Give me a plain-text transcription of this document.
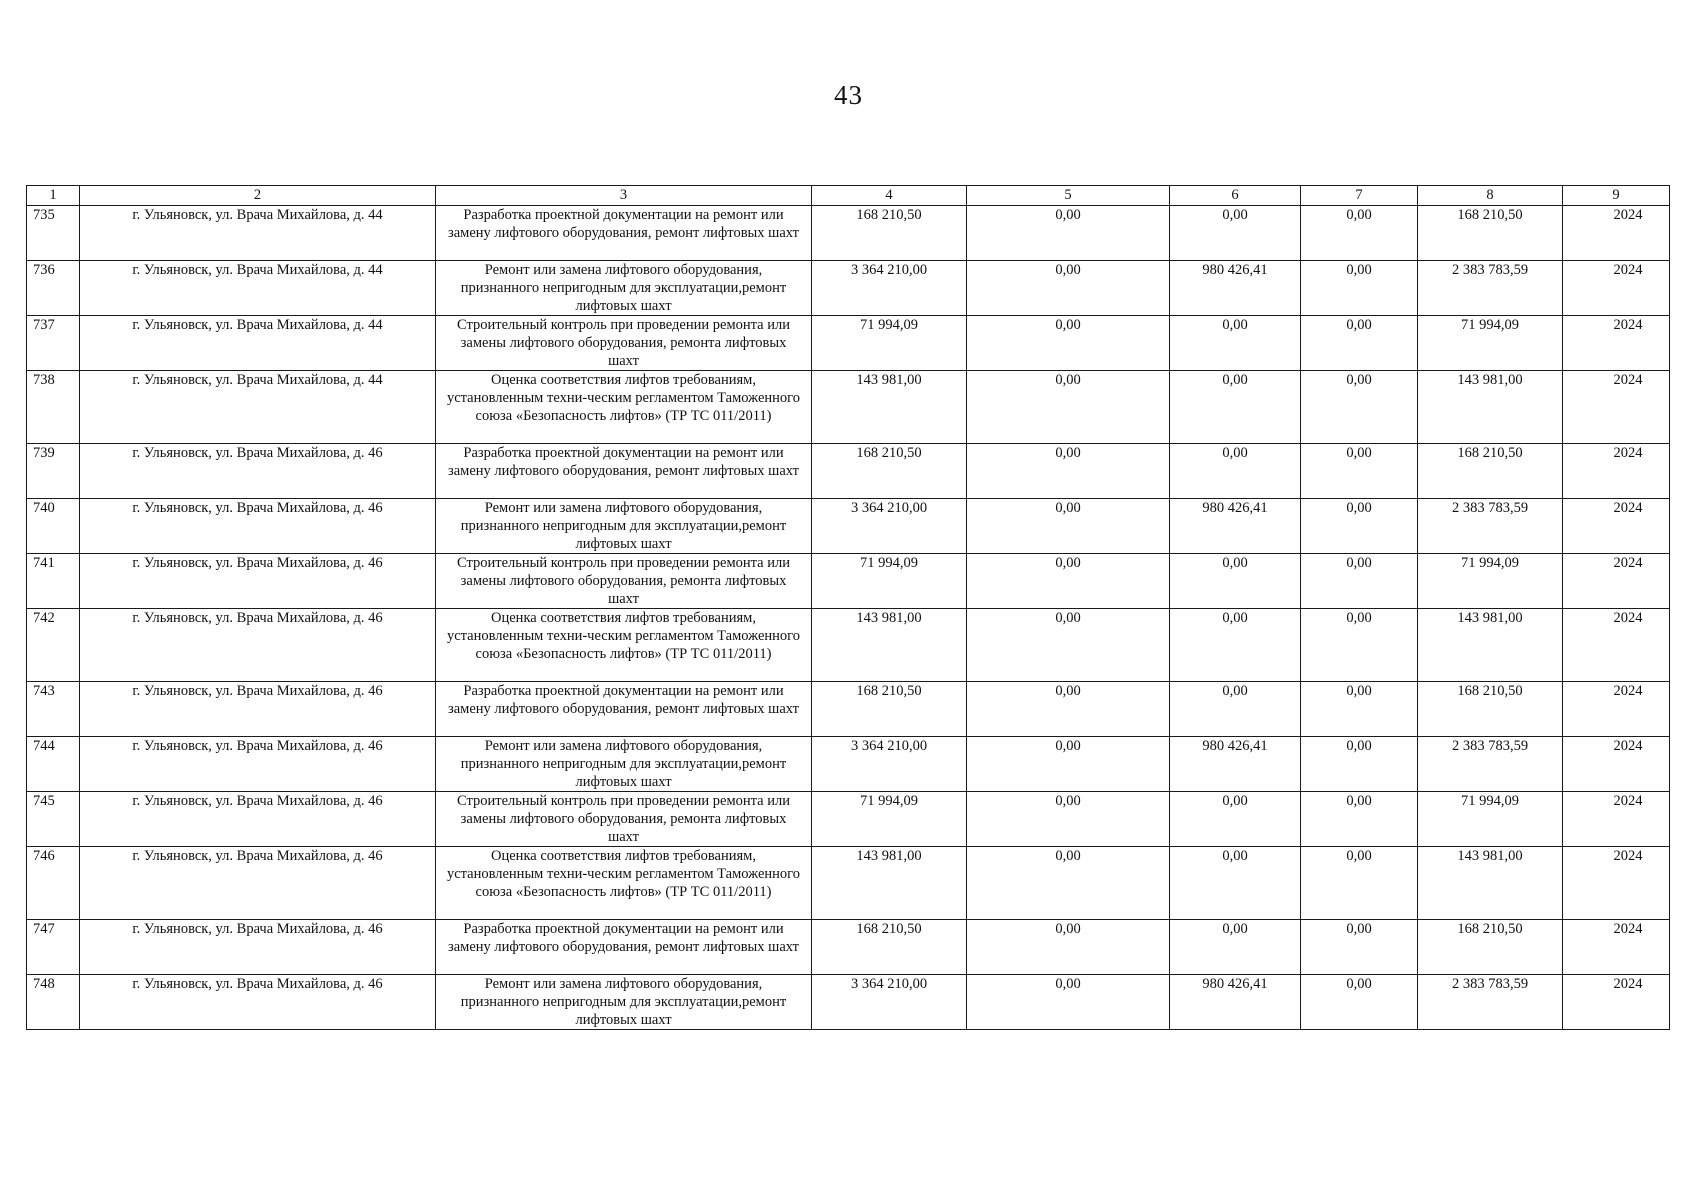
43
1	2	3	4	5	6	7	8	9
735	г. Ульяновск, ул. Врача Михайлова, д. 44	Разработка проектной документации на ремонт или замену лифтового оборудования, ремонт лифтовых шахт	168 210,50	0,00	0,00	0,00	168 210,50	2024
736	г. Ульяновск, ул. Врача Михайлова, д. 44	Ремонт или замена лифтового оборудования, признанного непригодным для эксплуатации,ремонт лифтовых шахт	3 364 210,00	0,00	980 426,41	0,00	2 383 783,59	2024
737	г. Ульяновск, ул. Врача Михайлова, д. 44	Строительный контроль при проведении ремонта или замены лифтового оборудования, ремонта лифтовых шахт	71 994,09	0,00	0,00	0,00	71 994,09	2024
738	г. Ульяновск, ул. Врача Михайлова, д. 44	Оценка соответствия лифтов требованиям, установленным техни-ческим регламентом Таможенного союза «Безопасность лифтов» (ТР ТС 011/2011)	143 981,00	0,00	0,00	0,00	143 981,00	2024
739	г. Ульяновск, ул. Врача Михайлова, д. 46	Разработка проектной документации на ремонт или замену лифтового оборудования, ремонт лифтовых шахт	168 210,50	0,00	0,00	0,00	168 210,50	2024
740	г. Ульяновск, ул. Врача Михайлова, д. 46	Ремонт или замена лифтового оборудования, признанного непригодным для эксплуатации,ремонт лифтовых шахт	3 364 210,00	0,00	980 426,41	0,00	2 383 783,59	2024
741	г. Ульяновск, ул. Врача Михайлова, д. 46	Строительный контроль при проведении ремонта или замены лифтового оборудования, ремонта лифтовых шахт	71 994,09	0,00	0,00	0,00	71 994,09	2024
742	г. Ульяновск, ул. Врача Михайлова, д. 46	Оценка соответствия лифтов требованиям, установленным техни-ческим регламентом Таможенного союза «Безопасность лифтов» (ТР ТС 011/2011)	143 981,00	0,00	0,00	0,00	143 981,00	2024
743	г. Ульяновск, ул. Врача Михайлова, д. 46	Разработка проектной документации на ремонт или замену лифтового оборудования, ремонт лифтовых шахт	168 210,50	0,00	0,00	0,00	168 210,50	2024
744	г. Ульяновск, ул. Врача Михайлова, д. 46	Ремонт или замена лифтового оборудования, признанного непригодным для эксплуатации,ремонт лифтовых шахт	3 364 210,00	0,00	980 426,41	0,00	2 383 783,59	2024
745	г. Ульяновск, ул. Врача Михайлова, д. 46	Строительный контроль при проведении ремонта или замены лифтового оборудования, ремонта лифтовых шахт	71 994,09	0,00	0,00	0,00	71 994,09	2024
746	г. Ульяновск, ул. Врача Михайлова, д. 46	Оценка соответствия лифтов требованиям, установленным техни-ческим регламентом Таможенного союза «Безопасность лифтов» (ТР ТС 011/2011)	143 981,00	0,00	0,00	0,00	143 981,00	2024
747	г. Ульяновск, ул. Врача Михайлова, д. 46	Разработка проектной документации на ремонт или замену лифтового оборудования, ремонт лифтовых шахт	168 210,50	0,00	0,00	0,00	168 210,50	2024
748	г. Ульяновск, ул. Врача Михайлова, д. 46	Ремонт или замена лифтового оборудования, признанного непригодным для эксплуатации,ремонт лифтовых шахт	3 364 210,00	0,00	980 426,41	0,00	2 383 783,59	2024
